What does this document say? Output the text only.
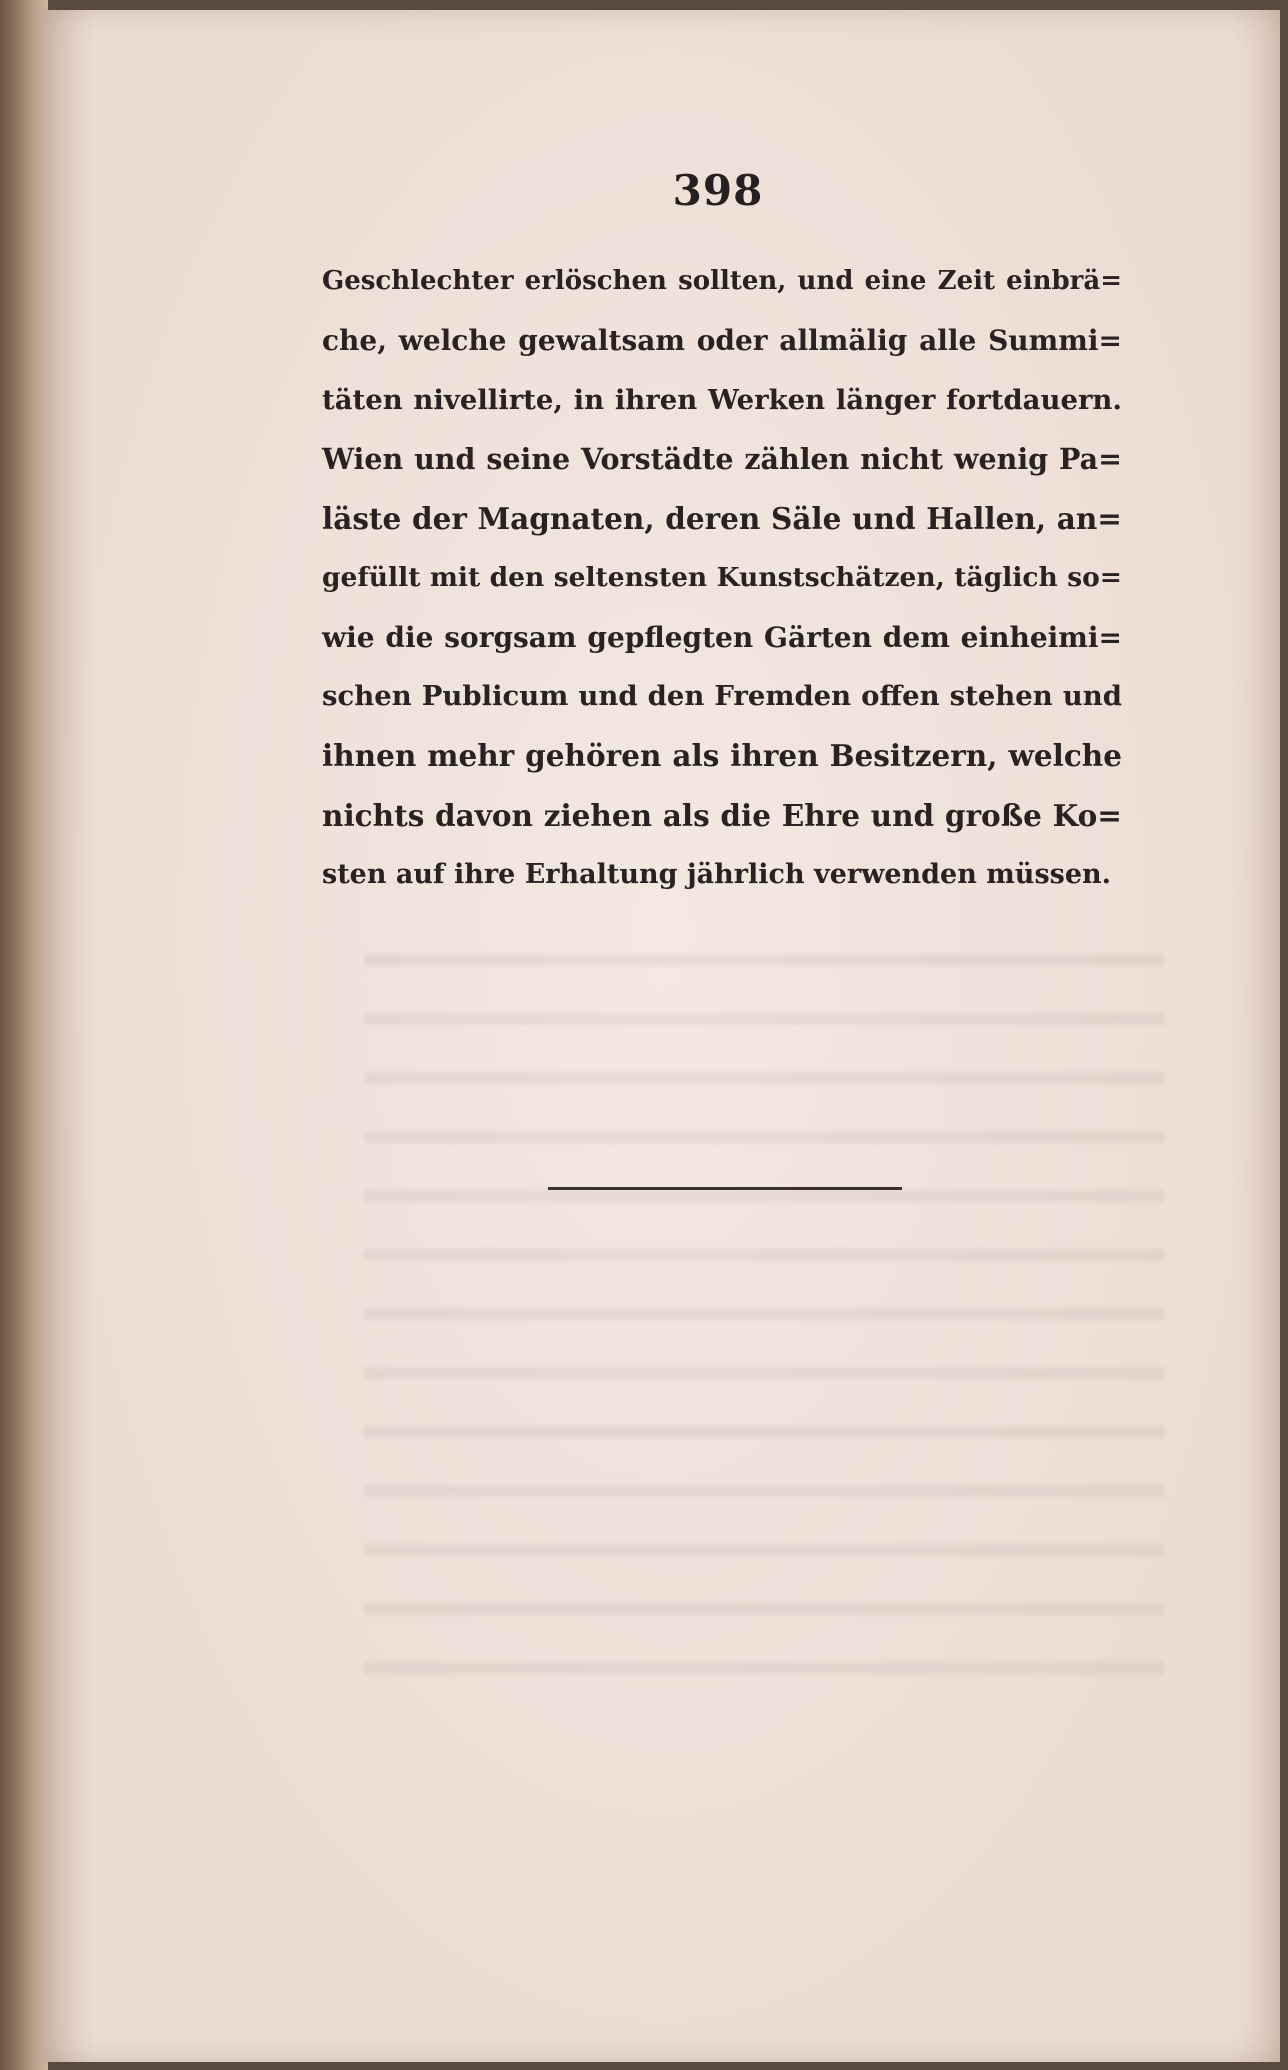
398
Geschlechter erlöschen sollten, und eine Zeit einbrä=
che, welche gewaltsam oder allmälig alle Summi=
täten nivellirte, in ihren Werken länger fortdauern.
Wien und seine Vorstädte zählen nicht wenig Pa=
läste der Magnaten, deren Säle und Hallen, an=
gefüllt mit den seltensten Kunstschätzen, täglich so=
wie die sorgsam gepflegten Gärten dem einheimi=
schen Publicum und den Fremden offen stehen und
ihnen mehr gehören als ihren Besitzern, welche
nichts davon ziehen als die Ehre und große Ko=
sten auf ihre Erhaltung jährlich verwenden müssen.
